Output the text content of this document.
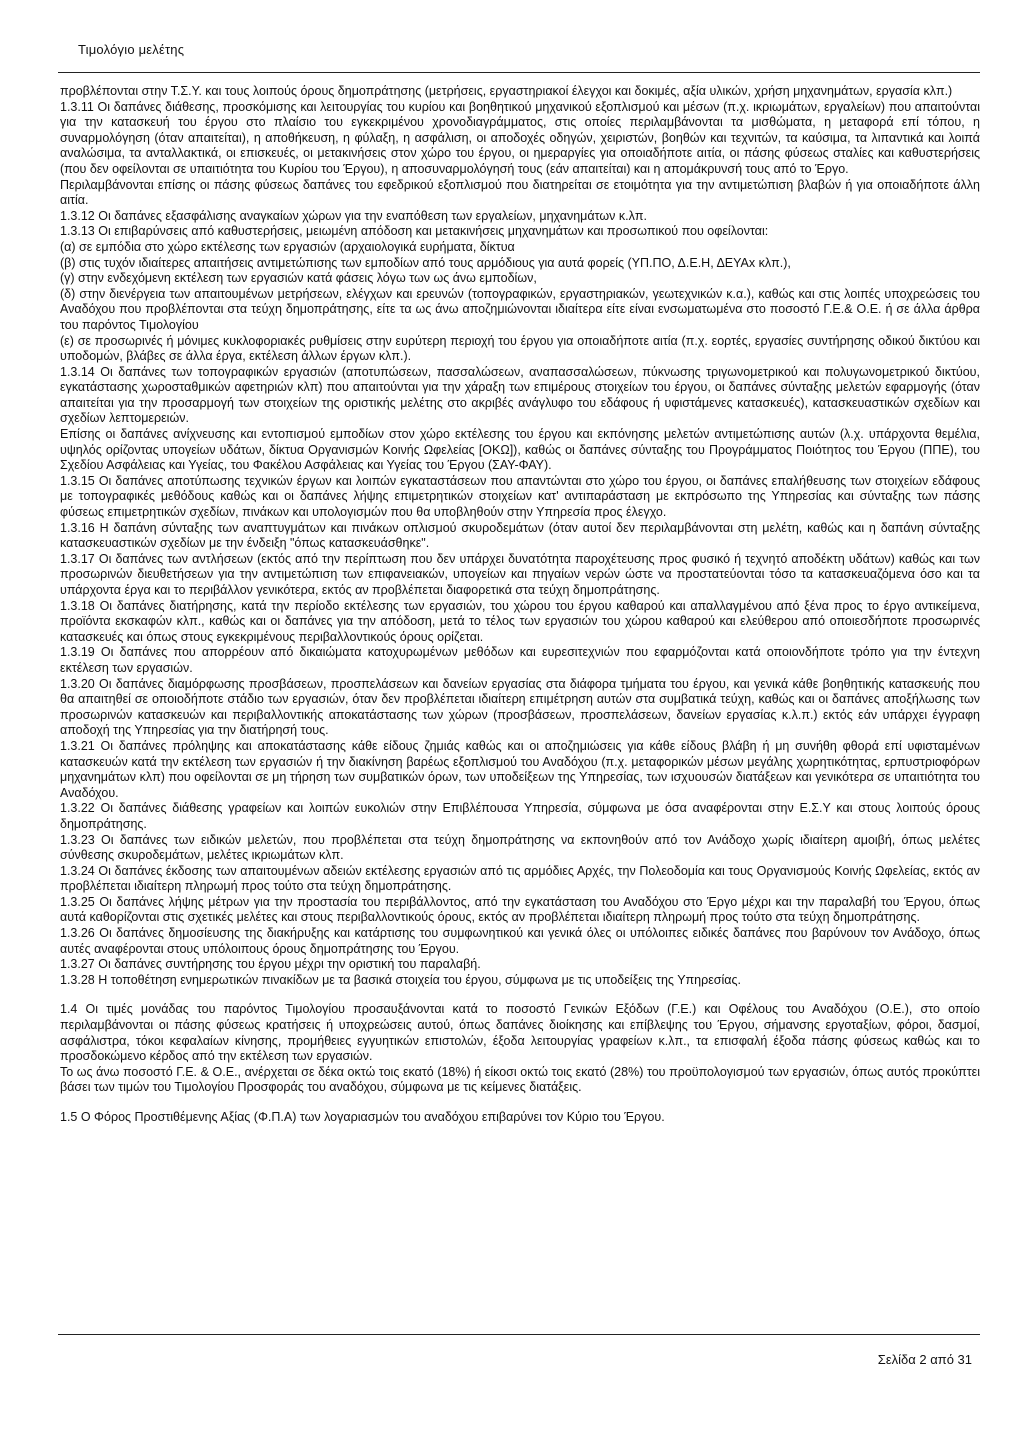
Τιμολόγιο μελέτης

προβλέπονται στην Τ.Σ.Υ. και τους λοιπούς όρους δημοπράτησης (μετρήσεις, εργαστηριακοί έλεγχοι και δοκιμές, αξία υλικών, χρήση μηχανημάτων, εργασία κλπ.)

1.3.11 Οι δαπάνες διάθεσης, προσκόμισης και λειτουργίας του κυρίου και βοηθητικού μηχανικού εξοπλισμού και μέσων (π.χ. ικριωμάτων, εργαλείων) που απαιτούνται για την κατασκευή του έργου στο πλαίσιο του εγκεκριμένου χρονοδιαγράμματος, στις οποίες περιλαμβάνονται τα μισθώματα, η μεταφορά επί τόπου, η συναρμολόγηση (όταν απαιτείται), η αποθήκευση, η φύλαξη, η ασφάλιση, οι αποδοχές οδηγών, χειριστών, βοηθών και τεχνιτών, τα καύσιμα, τα λιπαντικά και λοιπά αναλώσιμα, τα ανταλλακτικά, οι επισκευές, οι μετακινήσεις στον χώρο του έργου, οι ημεραργίες για οποιαδήποτε αιτία, οι πάσης φύσεως σταλίες και καθυστερήσεις (που δεν οφείλονται σε υπαιτιότητα του Κυρίου του Έργου), η αποσυναρμολόγησή τους (εάν απαιτείται) και η απομάκρυνσή τους από το Έργο.

Περιλαμβάνονται επίσης οι πάσης φύσεως δαπάνες του εφεδρικού εξοπλισμού που διατηρείται σε ετοιμότητα για την αντιμετώπιση βλαβών ή για οποιαδήποτε άλλη αιτία.

1.3.12 Οι δαπάνες εξασφάλισης αναγκαίων χώρων για την εναπόθεση των εργαλείων, μηχανημάτων κ.λπ.

1.3.13 Οι επιβαρύνσεις από καθυστερήσεις, μειωμένη απόδοση και μετακινήσεις μηχανημάτων και προσωπικού που οφείλονται:

(α) σε εμπόδια στο χώρο εκτέλεσης των εργασιών (αρχαιολογικά ευρήματα, δίκτυα

(β) στις τυχόν ιδιαίτερες απαιτήσεις αντιμετώπισης των εμποδίων από τους αρμόδιους για αυτά φορείς (ΥΠ.ΠΟ, Δ.Ε.Η, ΔΕΥΑx κλπ.),

(γ) στην ενδεχόμενη εκτέλεση των εργασιών κατά φάσεις λόγω των ως άνω εμποδίων,

(δ) στην διενέργεια των απαιτουμένων μετρήσεων, ελέγχων και ερευνών (τοπογραφικών, εργαστηριακών, γεωτεχνικών κ.α.), καθώς και στις λοιπές υποχρεώσεις του Αναδόχου που προβλέπονται στα τεύχη δημοπράτησης, είτε τα ως άνω αποζημιώνονται ιδιαίτερα είτε είναι ενσωματωμένα στο ποσοστό Γ.Ε.& Ο.Ε. ή σε άλλα άρθρα του παρόντος Τιμολογίου

(ε) σε προσωρινές ή μόνιμες κυκλοφοριακές ρυθμίσεις στην ευρύτερη περιοχή του έργου για οποιαδήποτε αιτία (π.χ. εορτές, εργασίες συντήρησης οδικού δικτύου και υποδομών, βλάβες σε άλλα έργα, εκτέλεση άλλων έργων κλπ.).

1.3.14 Οι δαπάνες των τοπογραφικών εργασιών (αποτυπώσεων, πασσαλώσεων, αναπασσαλώσεων, πύκνωσης τριγωνομετρικού και πολυγωνομετρικού δικτύου, εγκατάστασης χωροσταθμικών αφετηριών κλπ) που απαιτούνται για την χάραξη των επιμέρους στοιχείων του έργου, οι δαπάνες σύνταξης μελετών εφαρμογής (όταν απαιτείται για την προσαρμογή των στοιχείων της οριστικής μελέτης στο ακριβές ανάγλυφο του εδάφους ή υφιστάμενες κατασκευές), κατασκευαστικών σχεδίων και σχεδίων λεπτομερειών.

Επίσης οι δαπάνες ανίχνευσης και εντοπισμού εμποδίων στον χώρο εκτέλεσης του έργου και εκπόνησης μελετών αντιμετώπισης αυτών (λ.χ. υπάρχοντα θεμέλια, υψηλός ορίζοντας υπογείων υδάτων, δίκτυα Οργανισμών Κοινής Ωφελείας [ΟΚΩ]), καθώς οι δαπάνες σύνταξης του Προγράμματος Ποιότητος του Έργου (ΠΠΕ), του Σχεδίου Ασφάλειας και Υγείας, του Φακέλου Ασφάλειας και Υγείας του Έργου (ΣΑΥ-ΦΑΥ).

1.3.15 Οι δαπάνες αποτύπωσης τεχνικών έργων και λοιπών εγκαταστάσεων που απαντώνται στο χώρο του έργου, οι δαπάνες επαλήθευσης των στοιχείων εδάφους με τοπογραφικές μεθόδους καθώς και οι δαπάνες λήψης επιμετρητικών στοιχείων κατ' αντιπαράσταση με εκπρόσωπο της Υπηρεσίας και σύνταξης των πάσης φύσεως επιμετρητικών σχεδίων, πινάκων και υπολογισμών που θα υποβληθούν στην Υπηρεσία προς έλεγχο.

1.3.16 Η δαπάνη σύνταξης των αναπτυγμάτων και πινάκων οπλισμού σκυροδεμάτων (όταν αυτοί δεν περιλαμβάνονται στη μελέτη, καθώς και η δαπάνη σύνταξης κατασκευαστικών σχεδίων με την ένδειξη "όπως κατασκευάσθηκε".

1.3.17 Οι δαπάνες των αντλήσεων (εκτός από την περίπτωση που δεν υπάρχει δυνατότητα παροχέτευσης προς φυσικό ή τεχνητό αποδέκτη υδάτων) καθώς και των προσωρινών διευθετήσεων για την αντιμετώπιση των επιφανειακών, υπογείων και πηγαίων νερών ώστε να προστατεύονται τόσο τα κατασκευαζόμενα όσο και τα υπάρχοντα έργα και το περιβάλλον γενικότερα, εκτός αν προβλέπεται διαφορετικά στα τεύχη δημοπράτησης.

1.3.18 Οι δαπάνες διατήρησης, κατά την περίοδο εκτέλεσης των εργασιών, του χώρου του έργου καθαρού και απαλλαγμένου από ξένα προς το έργο αντικείμενα, προϊόντα εκσκαφών κλπ., καθώς και οι δαπάνες για την απόδοση, μετά το τέλος των εργασιών του χώρου καθαρού και ελεύθερου από οποιεσδήποτε προσωρινές κατασκευές και όπως στους εγκεκριμένους περιβαλλοντικούς όρους ορίζεται.

1.3.19 Οι δαπάνες που απορρέουν από δικαιώματα κατοχυρωμένων μεθόδων και ευρεσιτεχνιών που εφαρμόζονται κατά οποιονδήποτε τρόπο για την έντεχνη εκτέλεση των εργασιών.

1.3.20 Οι δαπάνες διαμόρφωσης προσβάσεων, προσπελάσεων και δανείων εργασίας στα διάφορα τμήματα του έργου, και γενικά κάθε βοηθητικής κατασκευής που θα απαιτηθεί σε οποιοδήποτε στάδιο των εργασιών, όταν δεν προβλέπεται ιδιαίτερη επιμέτρηση αυτών στα συμβατικά τεύχη, καθώς και οι δαπάνες αποξήλωσης των προσωρινών κατασκευών και περιβαλλοντικής αποκατάστασης των χώρων (προσβάσεων, προσπελάσεων, δανείων εργασίας κ.λ.π.) εκτός εάν υπάρχει έγγραφη αποδοχή της Υπηρεσίας για την διατήρησή τους.

1.3.21 Οι δαπάνες πρόληψης και αποκατάστασης κάθε είδους ζημιάς καθώς και οι αποζημιώσεις για κάθε είδους βλάβη ή μη συνήθη φθορά επί υφισταμένων κατασκευών κατά την εκτέλεση των εργασιών ή την διακίνηση βαρέως εξοπλισμού του Αναδόχου (π.χ. μεταφορικών μέσων μεγάλης χωρητικότητας, ερπυστριοφόρων μηχανημάτων κλπ) που οφείλονται σε μη τήρηση των συμβατικών όρων, των υποδείξεων της Υπηρεσίας, των ισχυουσών διατάξεων και γενικότερα σε υπαιτιότητα του Αναδόχου.

1.3.22 Οι δαπάνες διάθεσης γραφείων και λοιπών ευκολιών στην Επιβλέπουσα Υπηρεσία, σύμφωνα με όσα αναφέρονται στην Ε.Σ.Υ και στους λοιπούς όρους δημοπράτησης.

1.3.23 Οι δαπάνες των ειδικών μελετών, που προβλέπεται στα τεύχη δημοπράτησης να εκπονηθούν από τον Ανάδοχο χωρίς ιδιαίτερη αμοιβή, όπως μελέτες σύνθεσης σκυροδεμάτων, μελέτες ικριωμάτων κλπ.

1.3.24 Οι δαπάνες έκδοσης των απαιτουμένων αδειών εκτέλεσης εργασιών από τις αρμόδιες Αρχές, την Πολεοδομία και τους Οργανισμούς Κοινής Ωφελείας, εκτός αν προβλέπεται ιδιαίτερη πληρωμή προς τούτο στα τεύχη δημοπράτησης.

1.3.25 Οι δαπάνες λήψης μέτρων για την προστασία του περιβάλλοντος, από την εγκατάσταση του Αναδόχου στο Έργο μέχρι και την παραλαβή του Έργου, όπως αυτά καθορίζονται στις σχετικές μελέτες και στους περιβαλλοντικούς όρους, εκτός αν προβλέπεται ιδιαίτερη πληρωμή προς τούτο στα τεύχη δημοπράτησης.

1.3.26 Οι δαπάνες δημοσίευσης της διακήρυξης και κατάρτισης του συμφωνητικού και γενικά όλες οι υπόλοιπες ειδικές δαπάνες που βαρύνουν τον Ανάδοχο, όπως αυτές αναφέρονται στους υπόλοιπους όρους δημοπράτησης του Έργου.

1.3.27 Οι δαπάνες συντήρησης του έργου μέχρι την οριστική του παραλαβή.

1.3.28 Η τοποθέτηση ενημερωτικών πινακίδων με τα βασικά στοιχεία του έργου, σύμφωνα με τις υποδείξεις της Υπηρεσίας.

1.4 Οι τιμές μονάδας του παρόντος Τιμολογίου προσαυξάνονται κατά το ποσοστό Γενικών Εξόδων (Γ.Ε.) και Οφέλους του Αναδόχου (Ο.Ε.), στο οποίο περιλαμβάνονται οι πάσης φύσεως κρατήσεις ή υποχρεώσεις αυτού, όπως δαπάνες διοίκησης και επίβλεψης του Έργου, σήμανσης εργοταξίων, φόροι, δασμοί, ασφάλιστρα, τόκοι κεφαλαίων κίνησης, προμήθειες εγγυητικών επιστολών, έξοδα λειτουργίας γραφείων κ.λπ., τα επισφαλή έξοδα πάσης φύσεως καθώς και το προσδοκώμενο κέρδος από την εκτέλεση των εργασιών.

Το ως άνω ποσοστό Γ.Ε. & Ο.Ε., ανέρχεται σε δέκα οκτώ τοις εκατό (18%) ή είκοσι οκτώ τοις εκατό (28%) του προϋπολογισμού των εργασιών, όπως αυτός προκύπτει βάσει των τιμών του Τιμολογίου Προσφοράς του αναδόχου, σύμφωνα με τις κείμενες διατάξεις.

1.5 Ο Φόρος Προστιθέμενης Αξίας (Φ.Π.Α) των λογαριασμών του αναδόχου επιβαρύνει τον Κύριο του Έργου.

Σελίδα 2 από 31
